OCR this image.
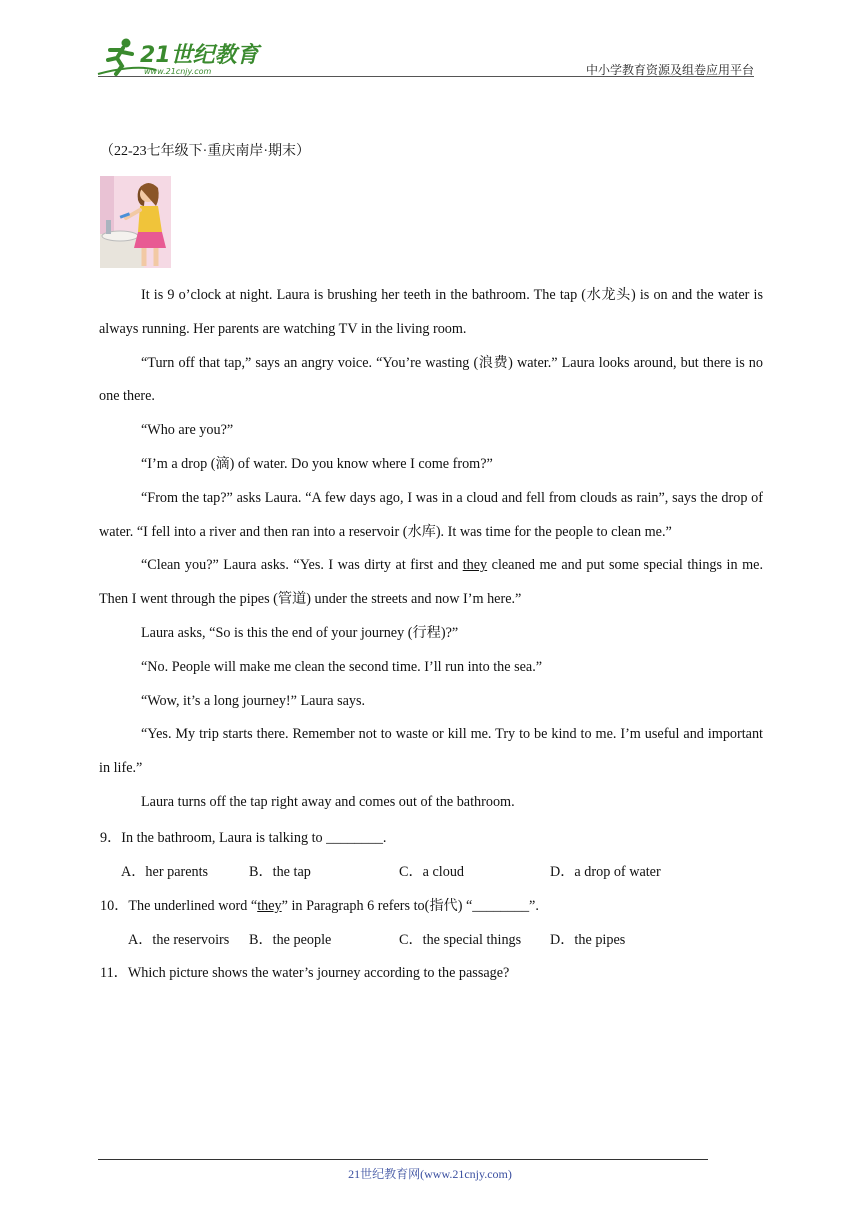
21世纪教育
www.21cnjy.com	中小学教育资源及组卷应用平台
（22-23七年级下·重庆南岸·期末）

It is 9 o’clock at night. Laura is brushing her teeth in the bathroom. The tap (水龙头) is on and the water is always running. Her parents are watching TV in the living room.

“Turn off that tap,” says an angry voice. “You’re wasting (浪费) water.” Laura looks around, but there is no one there.

“Who are you?”

“I’m a drop (滴) of water. Do you know where I come from?”

“From the tap?” asks Laura. “A few days ago, I was in a cloud and fell from clouds as rain”, says the drop of water. “I fell into a river and then ran into a reservoir (水库). It was time for the people to clean me.”

“Clean you?” Laura asks. “Yes. I was dirty at first and they cleaned me and put some special things in me. Then I went through the pipes (管道) under the streets and now I’m here.”

Laura asks, “So is this the end of your journey (行程)?”

“No. People will make me clean the second time. I’ll run into the sea.”

“Wow, it’s a long journey!” Laura says.

“Yes. My trip starts there. Remember not to waste or kill me. Try to be kind to me. I’m useful and important in life.”

Laura turns off the tap right away and comes out of the bathroom.

9．In the bathroom, Laura is talking to ________.
A．her parents	B．the tap	C．a cloud	D．a drop of water
10．The underlined word “they” in Paragraph 6 refers to(指代) “________”.
A．the reservoirs B．the people	C．the special things D．the pipes
11．Which picture shows the water’s journey according to the passage?
21世纪教育网(www.21cnjy.com)
